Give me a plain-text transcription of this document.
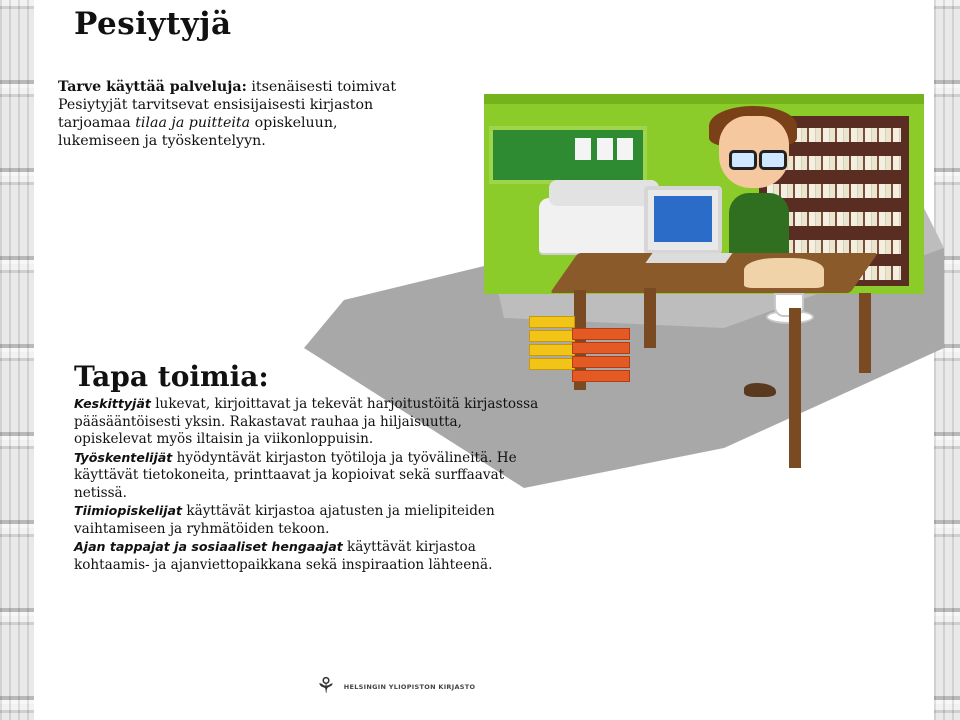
Pesiytyjä

Tarve käyttää palveluja: itsenäisesti toimivat Pesiytyjät tarvitsevat ensisijaisesti kirjaston tarjoamaa tilaa ja puitteita opiskeluun, lukemiseen ja työskentelyyn.

Tapa toimia:

Keskittyjät lukevat, kirjoittavat ja tekevät harjoitustöitä kirjastossa pääsääntöisesti yksin. Rakastavat rauhaa ja hiljaisuutta, opiskelevat myös iltaisin ja viikonloppuisin.

Työskentelijät hyödyntävät kirjaston työtiloja ja työvälineitä. He käyttävät tietokoneita, printtaavat ja kopioivat sekä surffaavat netissä.

Tiimiopiskelijat käyttävät kirjastoa ajatusten ja mielipiteiden vaihtamiseen ja ryhmätöiden tekoon.

Ajan tappajat ja sosiaaliset hengaajat käyttävät kirjastoa kohtaamis- ja ajanviettopaikkana sekä inspiraation lähteenä.

⚘ HELSINGIN YLIOPISTON KIRJASTO
